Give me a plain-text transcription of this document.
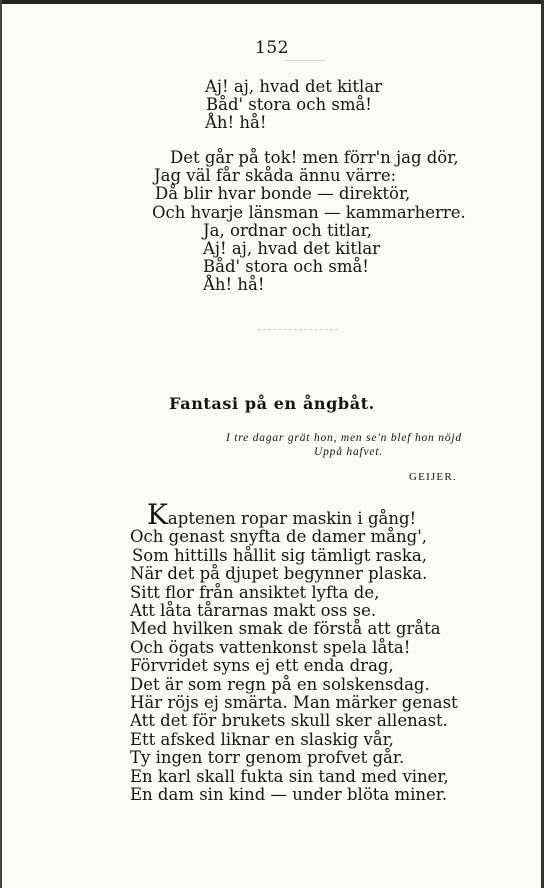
152
Aj! aj, hvad det kitlar
Båd' stora och små!
Åh! hå!
Det går på tok! men förr'n jag dör,
Jag väl får skåda ännu värre:
Då blir hvar bonde — direktör,
Och hvarje länsman — kammarherre.
Ja, ordnar och titlar,
Aj! aj, hvad det kitlar
Båd' stora och små!
Åh! hå!
Fantasi på en ångbåt.
I tre dagar grät hon, men se'n blef hon nöjd
Uppå hafvet.
GEIJER.
Kaptenen ropar maskin i gång!
Och genast snyfta de damer mång',
Som hittills hållit sig tämligt raska,
När det på djupet begynner plaska.
Sitt flor från ansiktet lyfta de,
Att låta tårarnas makt oss se.
Med hvilken smak de förstå att gråta
Och ögats vattenkonst spela låta!
Förvridet syns ej ett enda drag,
Det är som regn på en solskensdag.
Här röjs ej smärta. Man märker genast
Att det för brukets skull sker allenast.
Ett afsked liknar en slaskig vår,
Ty ingen torr genom profvet går.
En karl skall fukta sin tand med viner,
En dam sin kind — under blöta miner.
